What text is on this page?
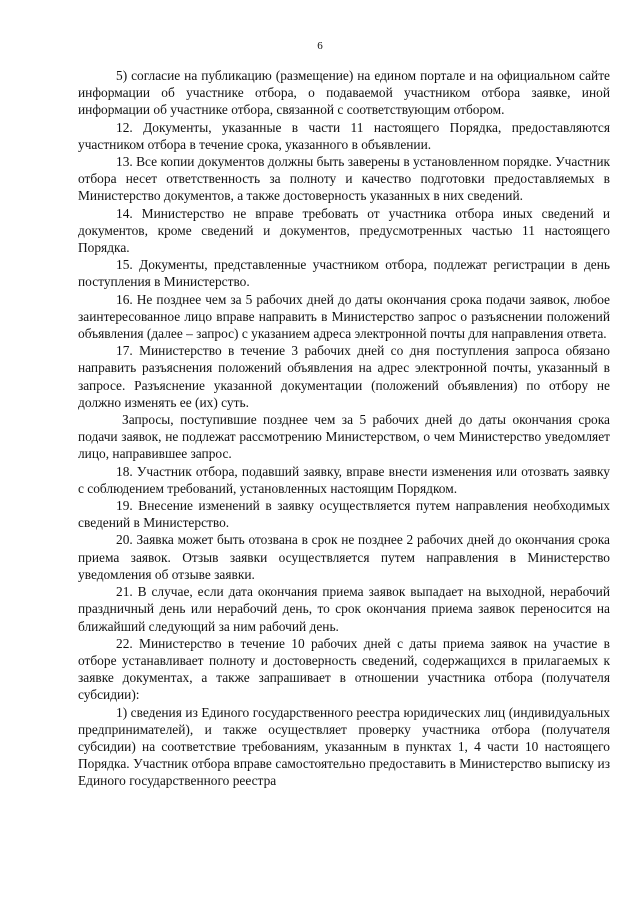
6

5) согласие на публикацию (размещение) на едином портале и на официальном сайте информации об участнике отбора, о подаваемой участником отбора заявке, иной информации об участнике отбора, связанной с соответствующим отбором.

12. Документы, указанные в части 11 настоящего Порядка, предоставляются участником отбора в течение срока, указанного в объявлении.

13. Все копии документов должны быть заверены в установленном порядке. Участник отбора несет ответственность за полноту и качество подготовки предоставляемых в Министерство документов, а также достоверность указанных в них сведений.

14. Министерство не вправе требовать от участника отбора иных сведений и документов, кроме сведений и документов, предусмотренных частью 11 настоящего Порядка.

15. Документы, представленные участником отбора, подлежат регистрации в день поступления в Министерство.

16. Не позднее чем за 5 рабочих дней до даты окончания срока подачи заявок, любое заинтересованное лицо вправе направить в Министерство запрос о разъяснении положений объявления (далее – запрос) с указанием адреса электронной почты для направления ответа.

17. Министерство в течение 3 рабочих дней со дня поступления запроса обязано направить разъяснения положений объявления на адрес электронной почты, указанный в запросе. Разъяснение указанной документации (положений объявления) по отбору не должно изменять ее (их) суть.

Запросы, поступившие позднее чем за 5 рабочих дней до даты окончания срока подачи заявок, не подлежат рассмотрению Министерством, о чем Министерство уведомляет лицо, направившее запрос.

18. Участник отбора, подавший заявку, вправе внести изменения или отозвать заявку с соблюдением требований, установленных настоящим Порядком.

19. Внесение изменений в заявку осуществляется путем направления необходимых сведений в Министерство.

20. Заявка может быть отозвана в срок не позднее 2 рабочих дней до окончания срока приема заявок. Отзыв заявки осуществляется путем направления в Министерство уведомления об отзыве заявки.

21. В случае, если дата окончания приема заявок выпадает на выходной, нерабочий праздничный день или нерабочий день, то срок окончания приема заявок переносится на ближайший следующий за ним рабочий день.

22. Министерство в течение 10 рабочих дней с даты приема заявок на участие в отборе устанавливает полноту и достоверность сведений, содержащихся в прилагаемых к заявке документах, а также запрашивает в отношении участника отбора (получателя субсидии):

1) сведения из Единого государственного реестра юридических лиц (индивидуальных предпринимателей), и также осуществляет проверку участника отбора (получателя субсидии) на соответствие требованиям, указанным в пунктах 1, 4 части 10 настоящего Порядка. Участник отбора вправе самостоятельно предоставить в Министерство выписку из Единого государственного реестра
